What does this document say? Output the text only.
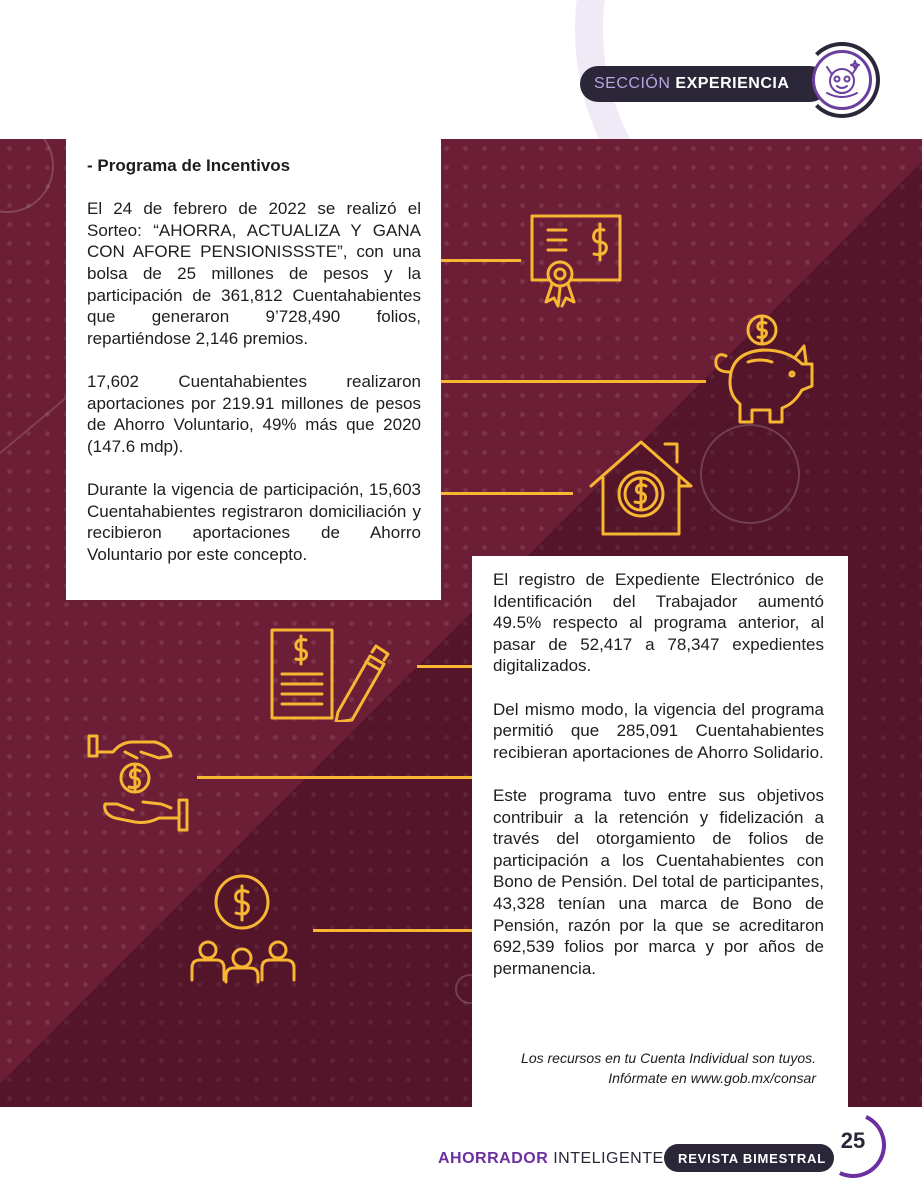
SECCIÓN EXPERIENCIA
- Programa de Incentivos

El 24 de febrero de 2022 se realizó el Sorteo: “AHORRA, ACTUALIZA Y GANA CON AFORE PENSIONISSSTE”, con una bolsa de 25 millones de pesos y la participación de 361,812 Cuentahabientes que generaron 9’728,490 folios, repartiéndose 2,146 premios.

17,602 Cuentahabientes realizaron aportaciones por 219.91 millones de pesos de Ahorro Voluntario, 49% más que 2020 (147.6 mdp).

Durante la vigencia de participación, 15,603 Cuentahabientes registraron domiciliación y recibieron aportaciones de Ahorro Voluntario por este concepto.

El registro de Expediente Electrónico de Identificación del Trabajador aumentó 49.5% respecto al programa anterior, al pasar de 52,417 a 78,347 expedientes digitalizados.

Del mismo modo, la vigencia del programa permitió que 285,091 Cuentahabientes recibieran aportaciones de Ahorro Solidario.

Este programa tuvo entre sus objetivos contribuir a la retención y fidelización a través del otorgamiento de folios de participación a los Cuentahabientes con Bono de Pensión. Del total de participantes, 43,328 tenían una marca de Bono de Pensión, razón por la que se acreditaron 692,539 folios por marca y por años de permanencia.

Los recursos en tu Cuenta Individual son tuyos.
Infórmate en www.gob.mx/consar
AHORRADOR INTELIGENTE	REVISTA BIMESTRAL
25
